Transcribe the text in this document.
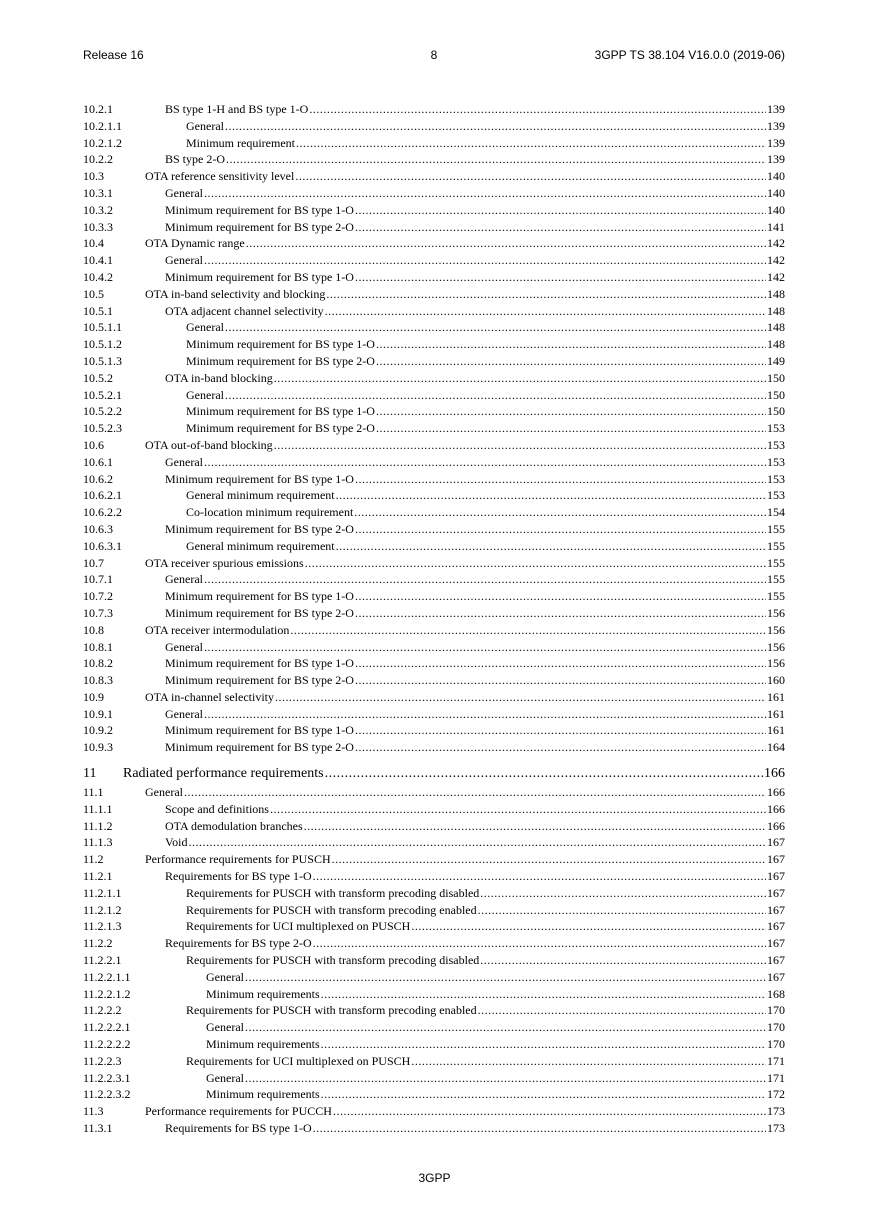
Release 16	8	3GPP TS 38.104 V16.0.0 (2019-06)
10.2.1	BS type 1-H and BS type 1-O .....	139
10.2.1.1	General .....	139
10.2.1.2	Minimum requirement .....	139
10.2.2	BS type 2-O .....	139
10.3	OTA reference sensitivity level .....	140
10.3.1	General .....	140
10.3.2	Minimum requirement for BS type 1-O .....	140
10.3.3	Minimum requirement for BS type 2-O .....	141
10.4	OTA Dynamic range .....	142
10.4.1	General .....	142
10.4.2	Minimum requirement for BS type 1-O .....	142
10.5	OTA in-band selectivity and blocking .....	148
10.5.1	OTA adjacent channel selectivity .....	148
10.5.1.1	General .....	148
10.5.1.2	Minimum requirement for BS type 1-O .....	148
10.5.1.3	Minimum requirement for BS type 2-O .....	149
10.5.2	OTA in-band blocking .....	150
10.5.2.1	General .....	150
10.5.2.2	Minimum requirement for BS type 1-O .....	150
10.5.2.3	Minimum requirement for BS type 2-O .....	153
10.6	OTA out-of-band blocking .....	153
10.6.1	General .....	153
10.6.2	Minimum requirement for BS type 1-O .....	153
10.6.2.1	General minimum requirement .....	153
10.6.2.2	Co-location minimum requirement .....	154
10.6.3	Minimum requirement for BS type 2-O .....	155
10.6.3.1	General minimum requirement .....	155
10.7	OTA receiver spurious emissions .....	155
10.7.1	General .....	155
10.7.2	Minimum requirement for BS type 1-O .....	155
10.7.3	Minimum requirement for BS type 2-O .....	156
10.8	OTA receiver intermodulation .....	156
10.8.1	General .....	156
10.8.2	Minimum requirement for BS type 1-O .....	156
10.8.3	Minimum requirement for BS type 2-O .....	160
10.9	OTA in-channel selectivity .....	161
10.9.1	General .....	161
10.9.2	Minimum requirement for BS type 1-O .....	161
10.9.3	Minimum requirement for BS type 2-O .....	164
11 Radiated performance requirements .....	166
11.1	General .....	166
11.1.1	Scope and definitions .....	166
11.1.2	OTA demodulation branches .....	166
11.1.3	Void .....	167
11.2	Performance requirements for PUSCH .....	167
11.2.1	Requirements for BS type 1-O .....	167
11.2.1.1	Requirements for PUSCH with transform precoding disabled .....	167
11.2.1.2	Requirements for PUSCH with transform precoding enabled .....	167
11.2.1.3	Requirements for UCI multiplexed on PUSCH .....	167
11.2.2	Requirements for BS type 2-O .....	167
11.2.2.1	Requirements for PUSCH with transform precoding disabled .....	167
11.2.2.1.1	General .....	167
11.2.2.1.2	Minimum requirements .....	168
11.2.2.2	Requirements for PUSCH with transform precoding enabled .....	170
11.2.2.2.1	General .....	170
11.2.2.2.2	Minimum requirements .....	170
11.2.2.3	Requirements for UCI multiplexed on PUSCH .....	171
11.2.2.3.1	General .....	171
11.2.2.3.2	Minimum requirements .....	172
11.3	Performance requirements for PUCCH .....	173
11.3.1	Requirements for BS type 1-O .....	173
3GPP
